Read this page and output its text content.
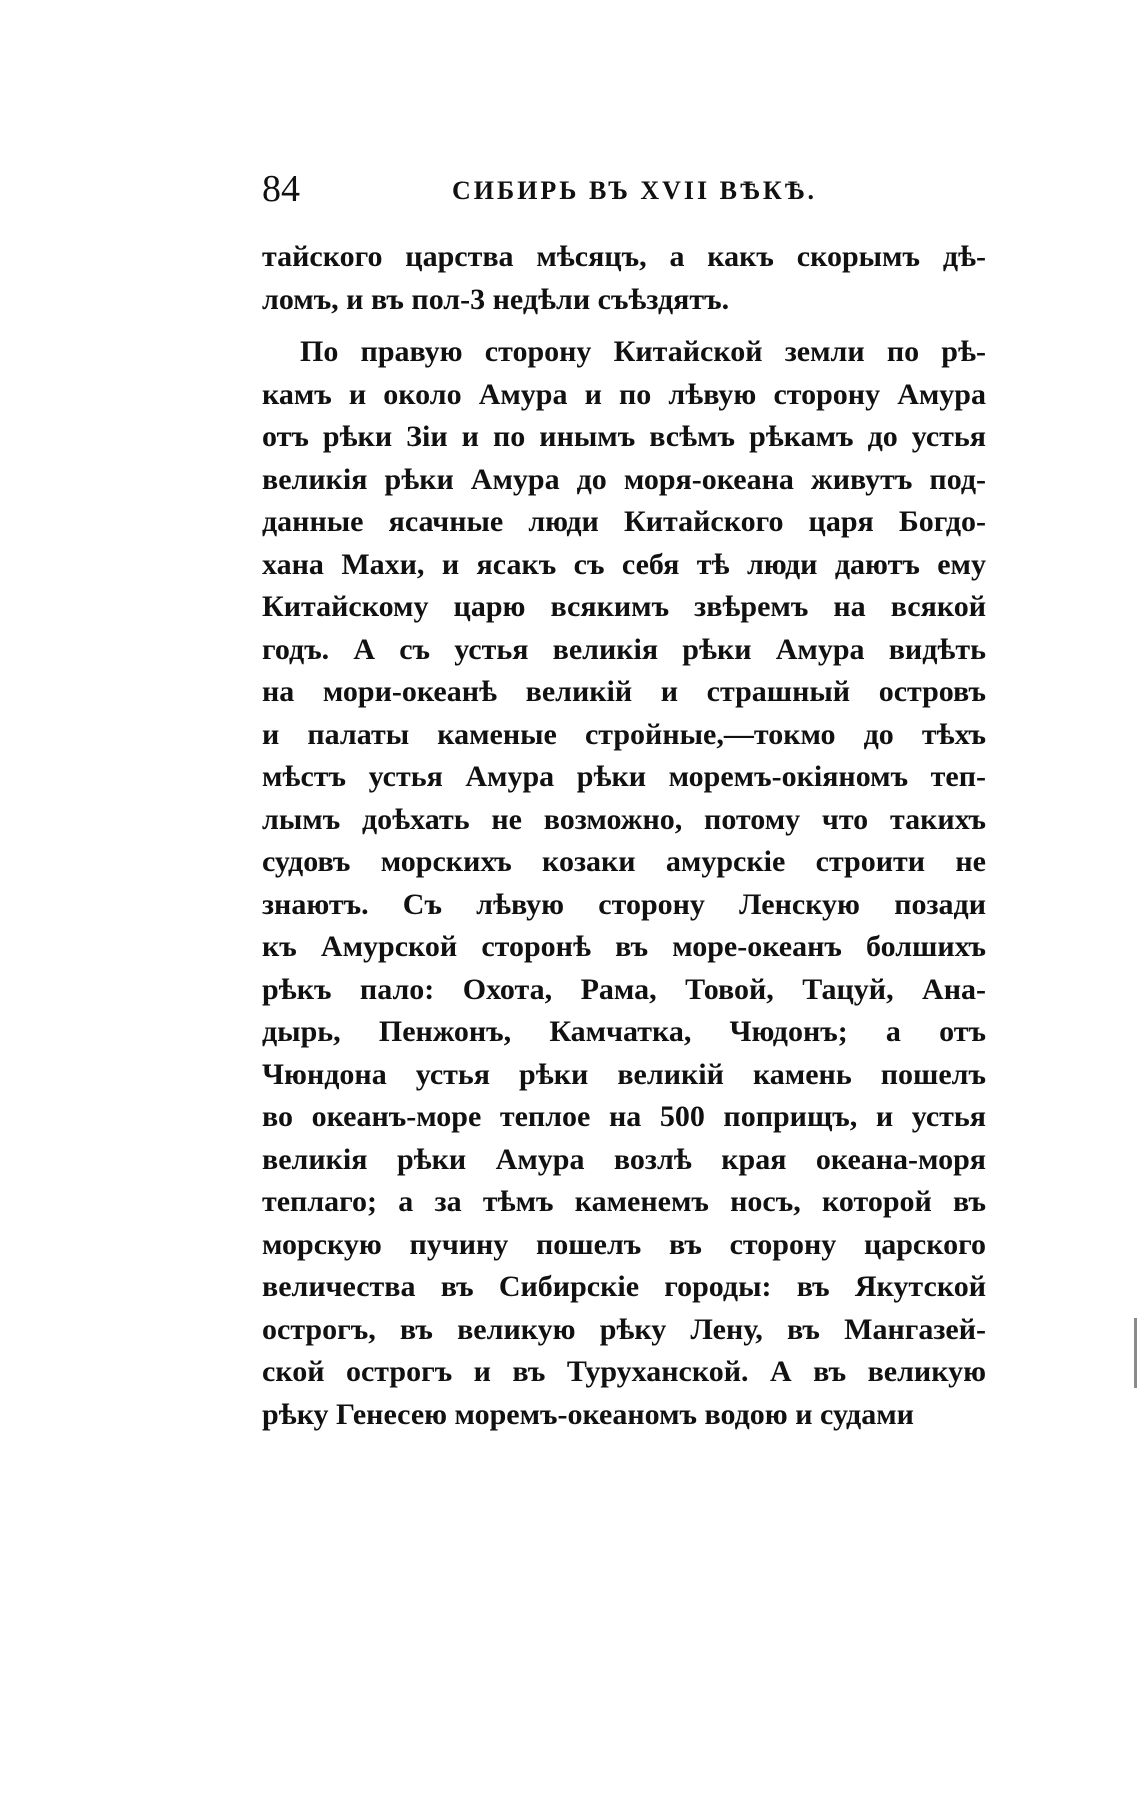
84	СИБИРЬ ВЪ XVII ВѢКѢ.
тайского царства мѣсяцъ, а какъ скорымъ дѣ-
ломъ, и въ пол-3 недѣли съѣздятъ.
По правую сторону Китайской земли по рѣ-
камъ и около Амура и по лѣвую сторону Амура
отъ рѣки Зіи и по инымъ всѣмъ рѣкамъ до устья
великія рѣки Амура до моря-океана живутъ под-
данные ясачные люди Китайского царя Богдо-
хана Махи, и ясакъ съ себя тѣ люди даютъ ему
Китайскому царю всякимъ звѣремъ на всякой
годъ. А съ устья великія рѣки Амура видѣть
на мори-океанѣ великій и страшный островъ
и палаты каменые стройные,—токмо до тѣхъ
мѣстъ устья Амура рѣки моремъ-окіяномъ теп-
лымъ доѣхать не возможно, потому что такихъ
судовъ морскихъ козаки амурскіе строити не
знаютъ. Съ лѣвую сторону Ленскую позади
къ Амурской сторонѣ въ море-океанъ болшихъ
рѣкъ пало: Охота, Рама, Товой, Тацуй, Ана-
дырь, Пенжонъ, Камчатка, Чюдонъ; а отъ
Чюндона устья рѣки великій камень пошелъ
во океанъ-море теплое на 500 поприщъ, и устья
великія рѣки Амура возлѣ края океана-моря
теплаго; а за тѣмъ каменемъ носъ, которой въ
морскую пучину пошелъ въ сторону царского
величества въ Сибирскіе городы: въ Якутской
острогъ, въ великую рѣку Лену, въ Мангазей-
ской острогъ и въ Туруханской. А въ великую
рѣку Генесею моремъ-океаномъ водою и судами
